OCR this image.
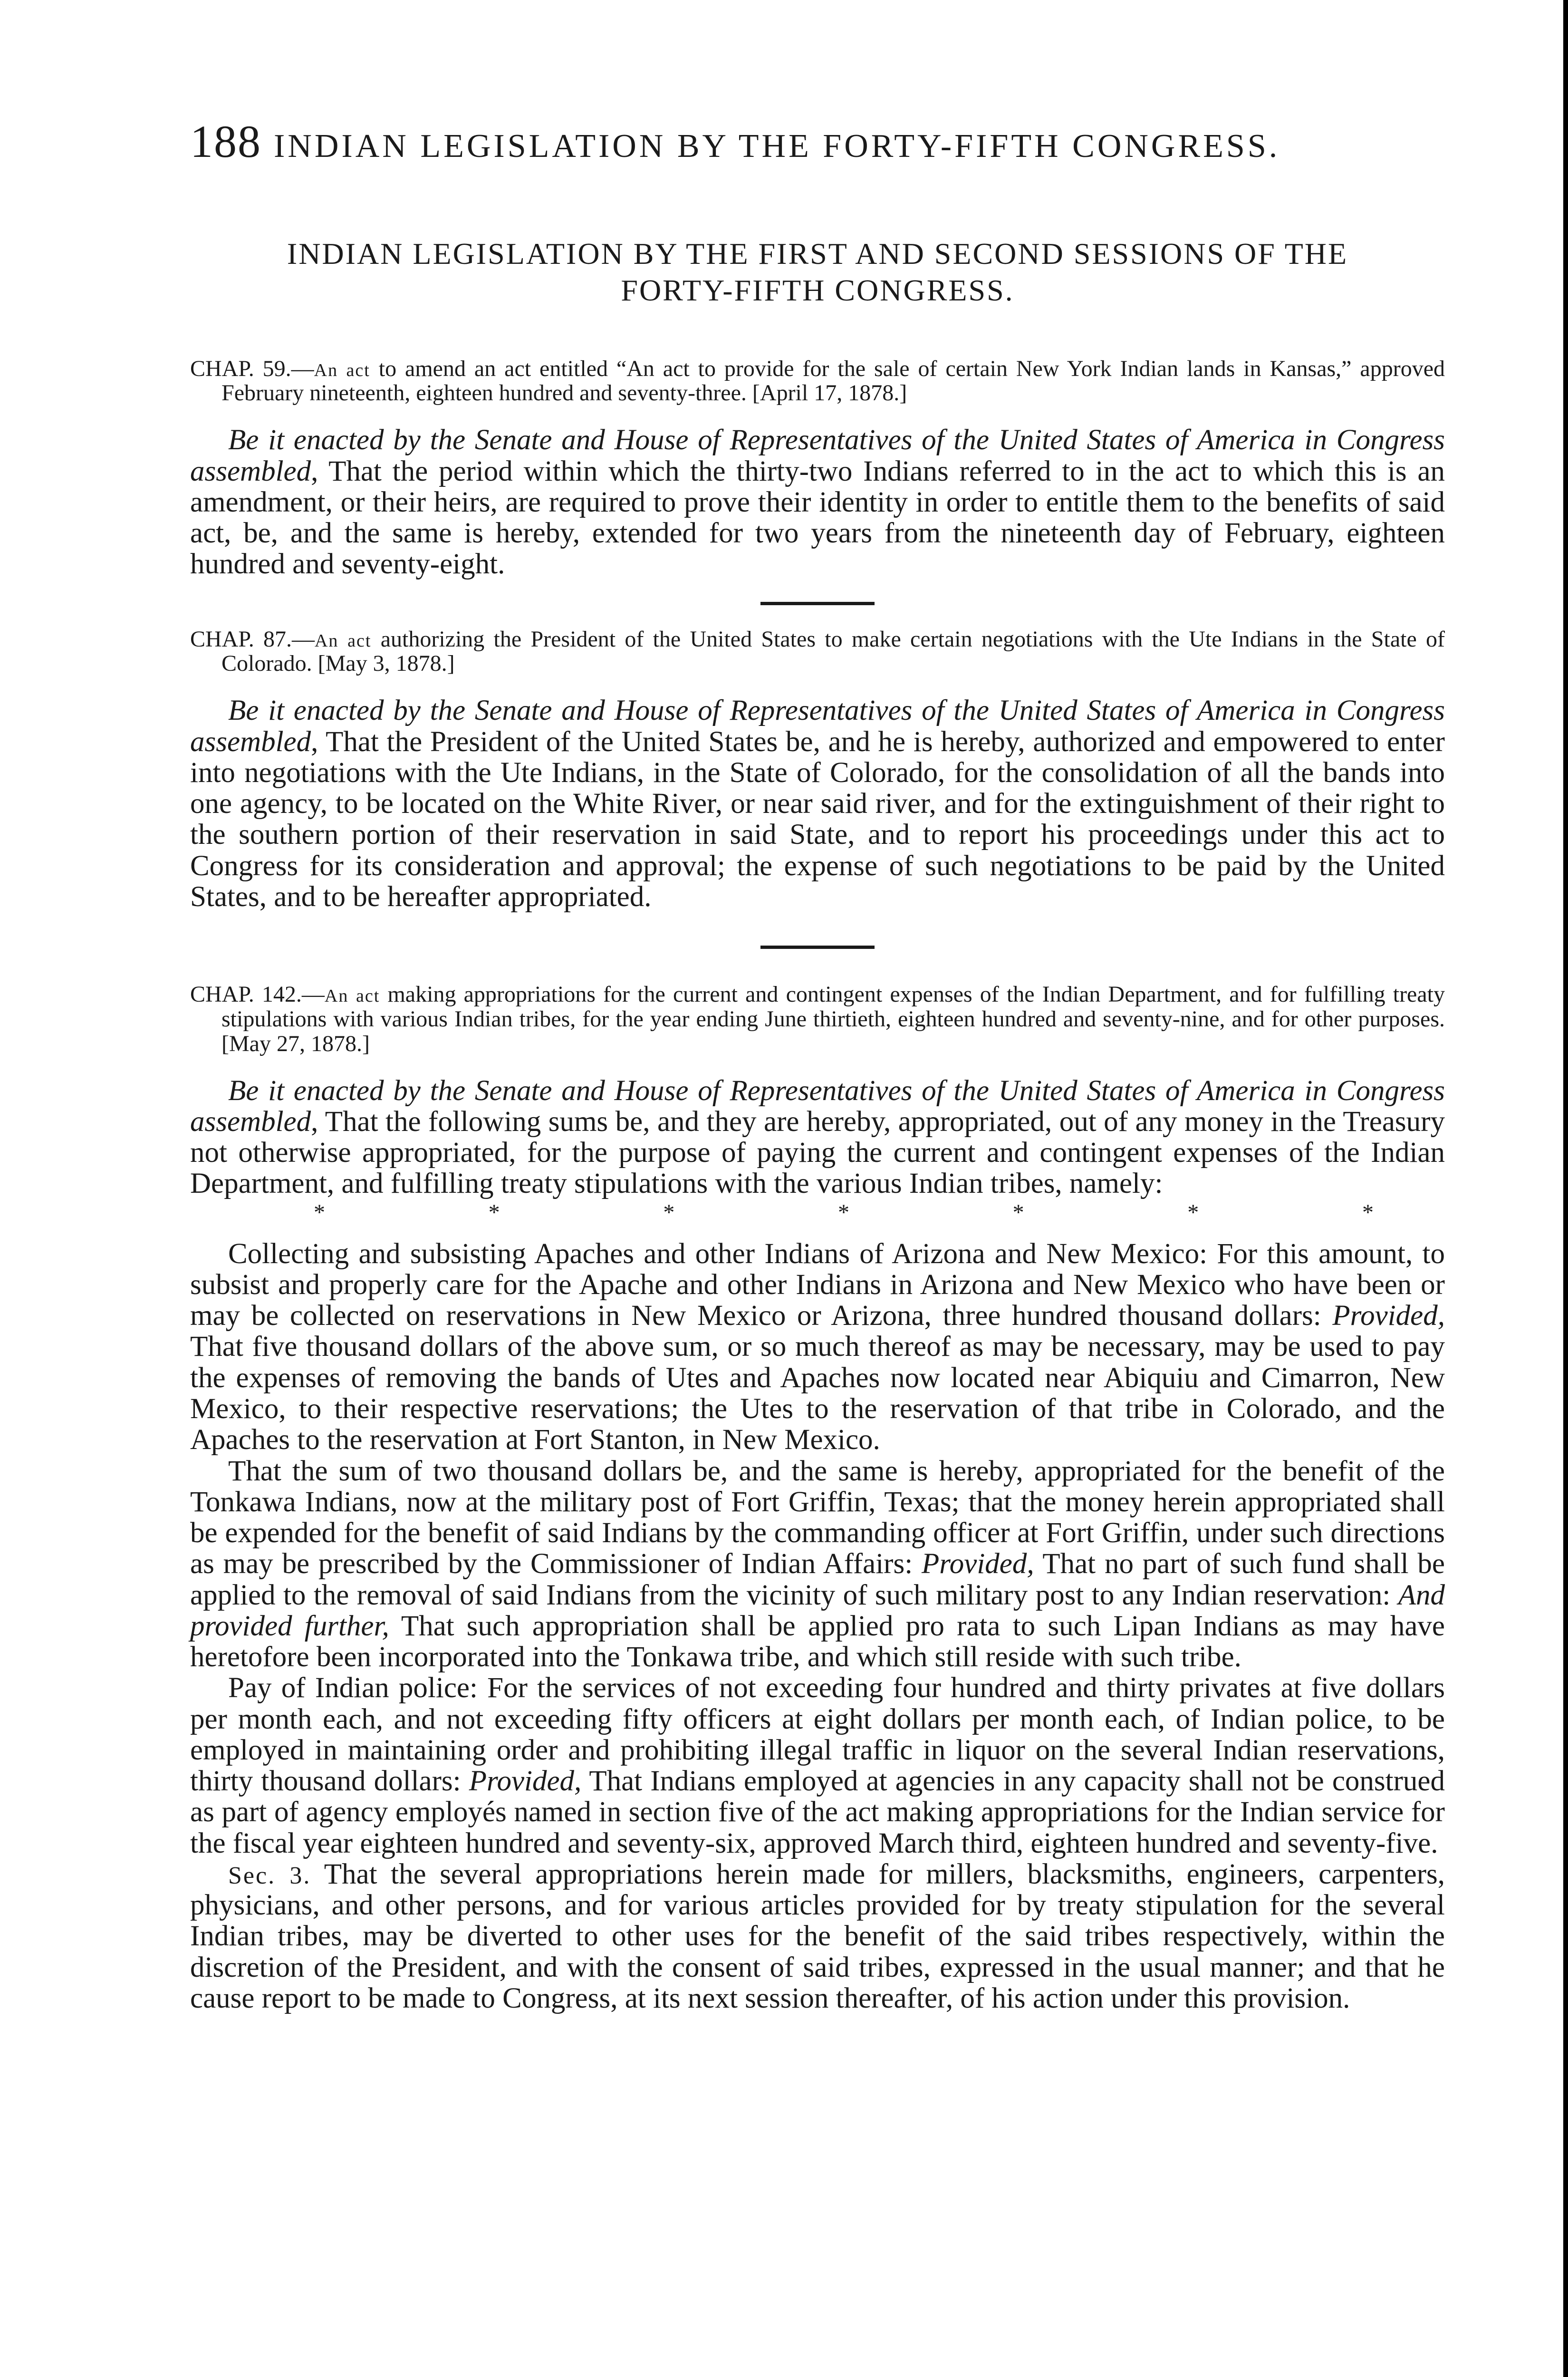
188 INDIAN LEGISLATION BY THE FORTY-FIFTH CONGRESS.
INDIAN LEGISLATION BY THE FIRST AND SECOND SESSIONS OF THE
FORTY-FIFTH CONGRESS.

CHAP. 59.—An act to amend an act entitled “An act to provide for the sale of certain New York Indian lands in Kansas,” approved February nineteenth, eighteen hundred and seventy-three. [April 17, 1878.]

Be it enacted by the Senate and House of Representatives of the United States of America in Congress assembled, That the period within which the thirty-two Indians referred to in the act to which this is an amendment, or their heirs, are required to prove their identity in order to entitle them to the benefits of said act, be, and the same is hereby, extended for two years from the nineteenth day of February, eighteen hundred and seventy-eight.

CHAP. 87.—An act authorizing the President of the United States to make certain negotiations with the Ute Indians in the State of Colorado. [May 3, 1878.]

Be it enacted by the Senate and House of Representatives of the United States of America in Congress assembled, That the President of the United States be, and he is hereby, authorized and empowered to enter into negotiations with the Ute Indians, in the State of Colorado, for the consolidation of all the bands into one agency, to be located on the White River, or near said river, and for the extinguishment of their right to the southern portion of their reservation in said State, and to report his proceedings under this act to Congress for its consideration and approval; the expense of such negotiations to be paid by the United States, and to be hereafter appropriated.

CHAP. 142.—An act making appropriations for the current and contingent expenses of the Indian Department, and for fulfilling treaty stipulations with various Indian tribes, for the year ending June thirtieth, eighteen hundred and seventy-nine, and for other purposes. [May 27, 1878.]

Be it enacted by the Senate and House of Representatives of the United States of America in Congress assembled, That the following sums be, and they are hereby, appropriated, out of any money in the Treasury not otherwise appropriated, for the purpose of paying the current and contingent expenses of the Indian Department, and fulfilling treaty stipulations with the various Indian tribes, namely:

*	*	*	*	*	*	*

Collecting and subsisting Apaches and other Indians of Arizona and New Mexico: For this amount, to subsist and properly care for the Apache and other Indians in Arizona and New Mexico who have been or may be collected on reservations in New Mexico or Arizona, three hundred thousand dollars: Provided, That five thousand dollars of the above sum, or so much thereof as may be necessary, may be used to pay the expenses of removing the bands of Utes and Apaches now located near Abiquiu and Cimarron, New Mexico, to their respective reservations; the Utes to the reservation of that tribe in Colorado, and the Apaches to the reservation at Fort Stanton, in New Mexico.

That the sum of two thousand dollars be, and the same is hereby, appropriated for the benefit of the Tonkawa Indians, now at the military post of Fort Griffin, Texas; that the money herein appropriated shall be expended for the benefit of said Indians by the commanding officer at Fort Griffin, under such directions as may be prescribed by the Commissioner of Indian Affairs: Provided, That no part of such fund shall be applied to the removal of said Indians from the vicinity of such military post to any Indian reservation: And provided further, That such appropriation shall be applied pro rata to such Lipan Indians as may have heretofore been incorporated into the Tonkawa tribe, and which still reside with such tribe.

Pay of Indian police: For the services of not exceeding four hundred and thirty privates at five dollars per month each, and not exceeding fifty officers at eight dollars per month each, of Indian police, to be employed in maintaining order and prohibiting illegal traffic in liquor on the several Indian reservations, thirty thousand dollars: Provided, That Indians employed at agencies in any capacity shall not be construed as part of agency employés named in section five of the act making appropriations for the Indian service for the fiscal year eighteen hundred and seventy-six, approved March third, eighteen hundred and seventy-five.

Sec. 3. That the several appropriations herein made for millers, blacksmiths, engineers, carpenters, physicians, and other persons, and for various articles provided for by treaty stipulation for the several Indian tribes, may be diverted to other uses for the benefit of the said tribes respectively, within the discretion of the President, and with the consent of said tribes, expressed in the usual manner; and that he cause report to be made to Congress, at its next session thereafter, of his action under this provision.
